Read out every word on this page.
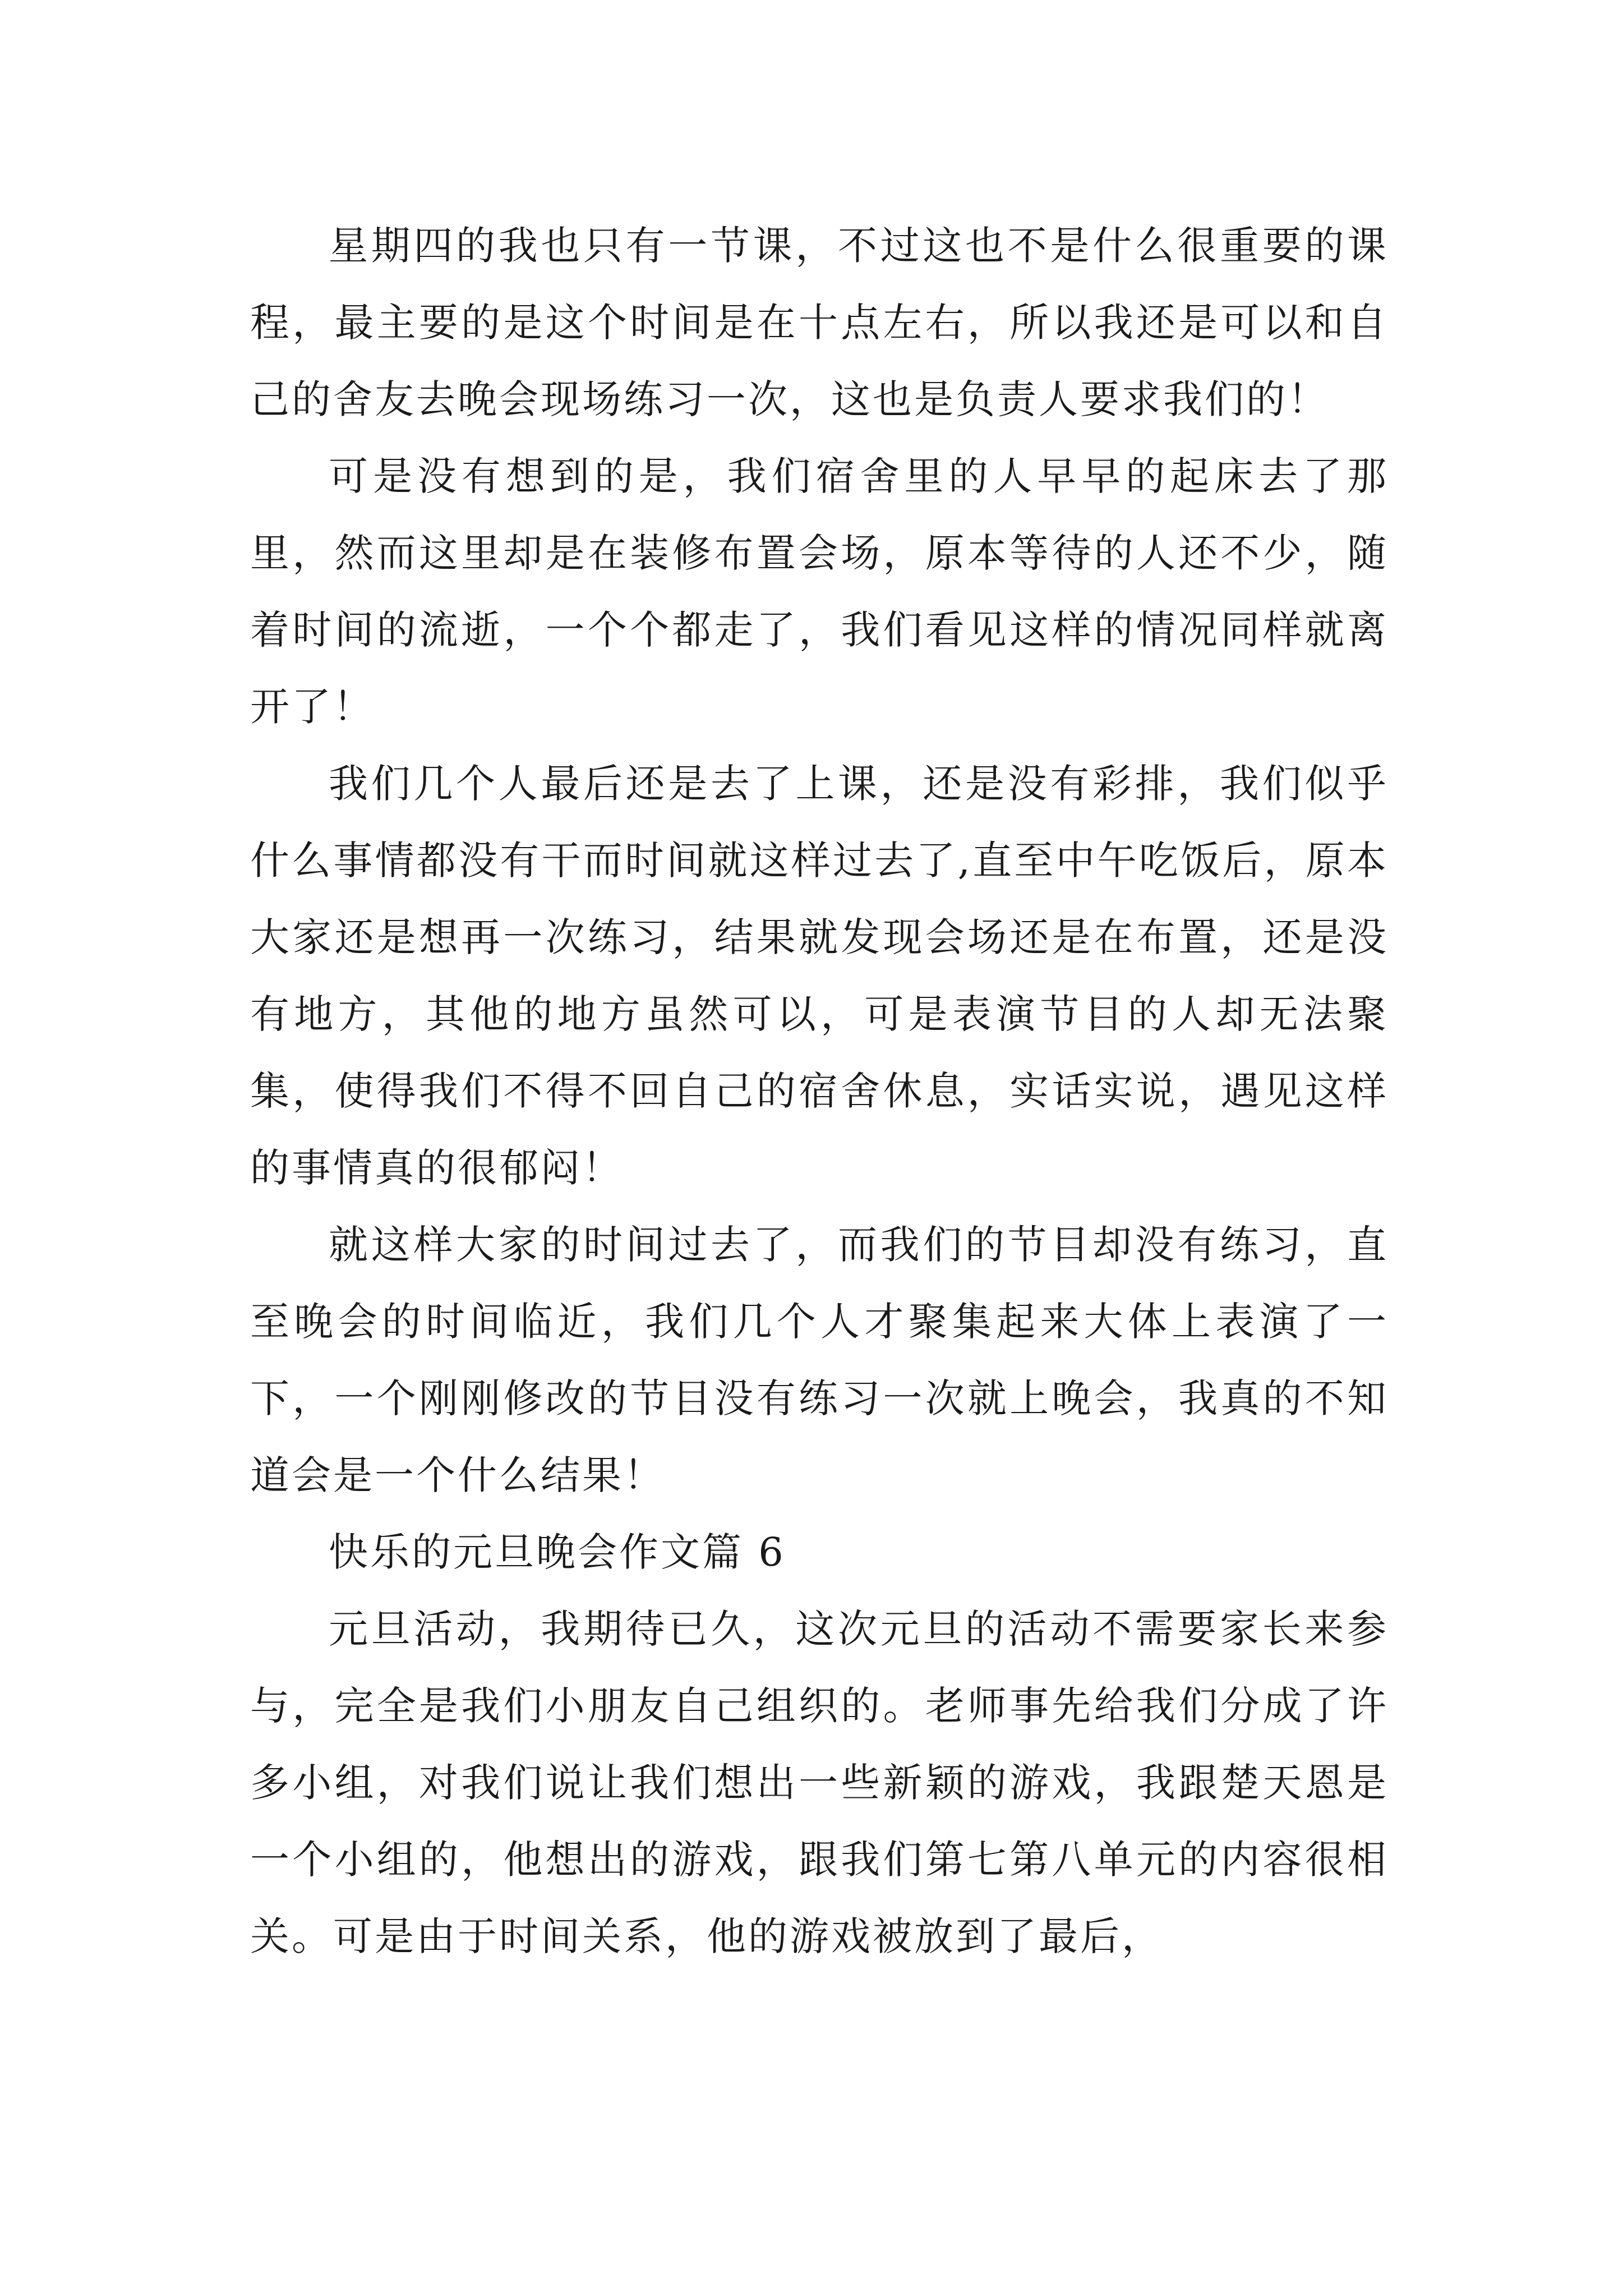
星期四的我也只有一节课，不过这也不是什么很重要的课程，最主要的是这个时间是在十点左右，所以我还是可以和自己的舍友去晚会现场练习一次，这也是负责人要求我们的！

可是没有想到的是，我们宿舍里的人早早的起床去了那里，然而这里却是在装修布置会场，原本等待的人还不少，随着时间的流逝，一个个都走了，我们看见这样的情况同样就离开了！

我们几个人最后还是去了上课，还是没有彩排，我们似乎什么事情都没有干而时间就这样过去了,直至中午吃饭后，原本大家还是想再一次练习，结果就发现会场还是在布置，还是没有地方，其他的地方虽然可以，可是表演节目的人却无法聚集，使得我们不得不回自己的宿舍休息，实话实说，遇见这样的事情真的很郁闷！

就这样大家的时间过去了，而我们的节目却没有练习，直至晚会的时间临近，我们几个人才聚集起来大体上表演了一下，一个刚刚修改的节目没有练习一次就上晚会，我真的不知道会是一个什么结果！

快乐的元旦晚会作文篇 6

元旦活动，我期待已久，这次元旦的活动不需要家长来参与，完全是我们小朋友自己组织的。老师事先给我们分成了许多小组，对我们说让我们想出一些新颖的游戏，我跟楚天恩是一个小组的，他想出的游戏，跟我们第七第八单元的内容很相关。可是由于时间关系，他的游戏被放到了最后，
